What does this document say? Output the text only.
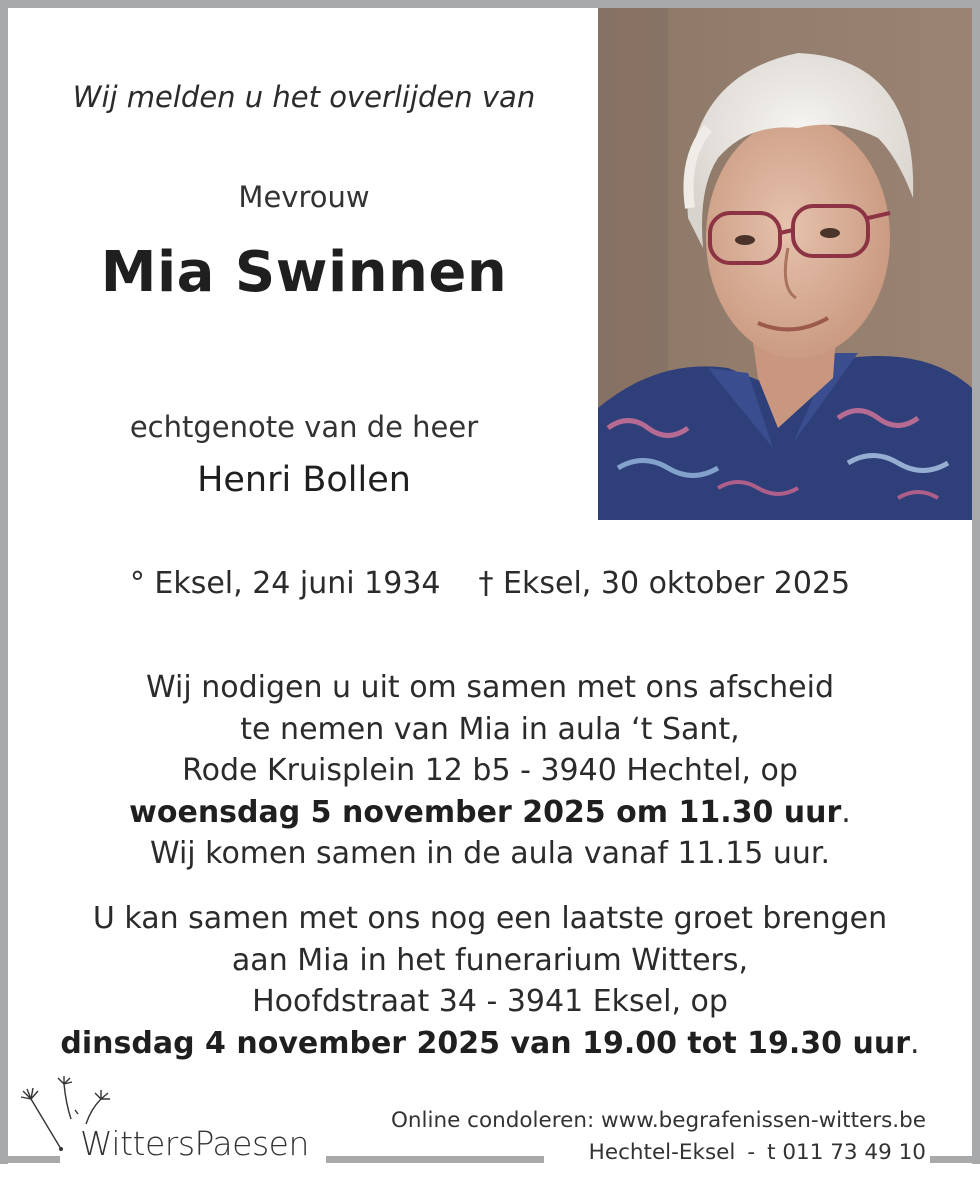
Wij melden u het overlijden van
Mevrouw
Mia Swinnen
echtgenote van de heer
Henri Bollen
° Eksel, 24 juni 1934 † Eksel, 30 oktober 2025
Wij nodigen u uit om samen met ons afscheid
te nemen van Mia in aula ‘t Sant,
Rode Kruisplein 12 b5 - 3940 Hechtel, op
woensdag 5 november 2025 om 11.30 uur.
Wij komen samen in de aula vanaf 11.15 uur.
U kan samen met ons nog een laatste groet brengen
aan Mia in het funerarium Witters,
Hoofdstraat 34 - 3941 Eksel, op
dinsdag 4 november 2025 van 19.00 tot 19.30 uur.
WittersPaesen
Online condoleren: www.begrafenissen-witters.be
Hechtel-Eksel - t 011 73 49 10
